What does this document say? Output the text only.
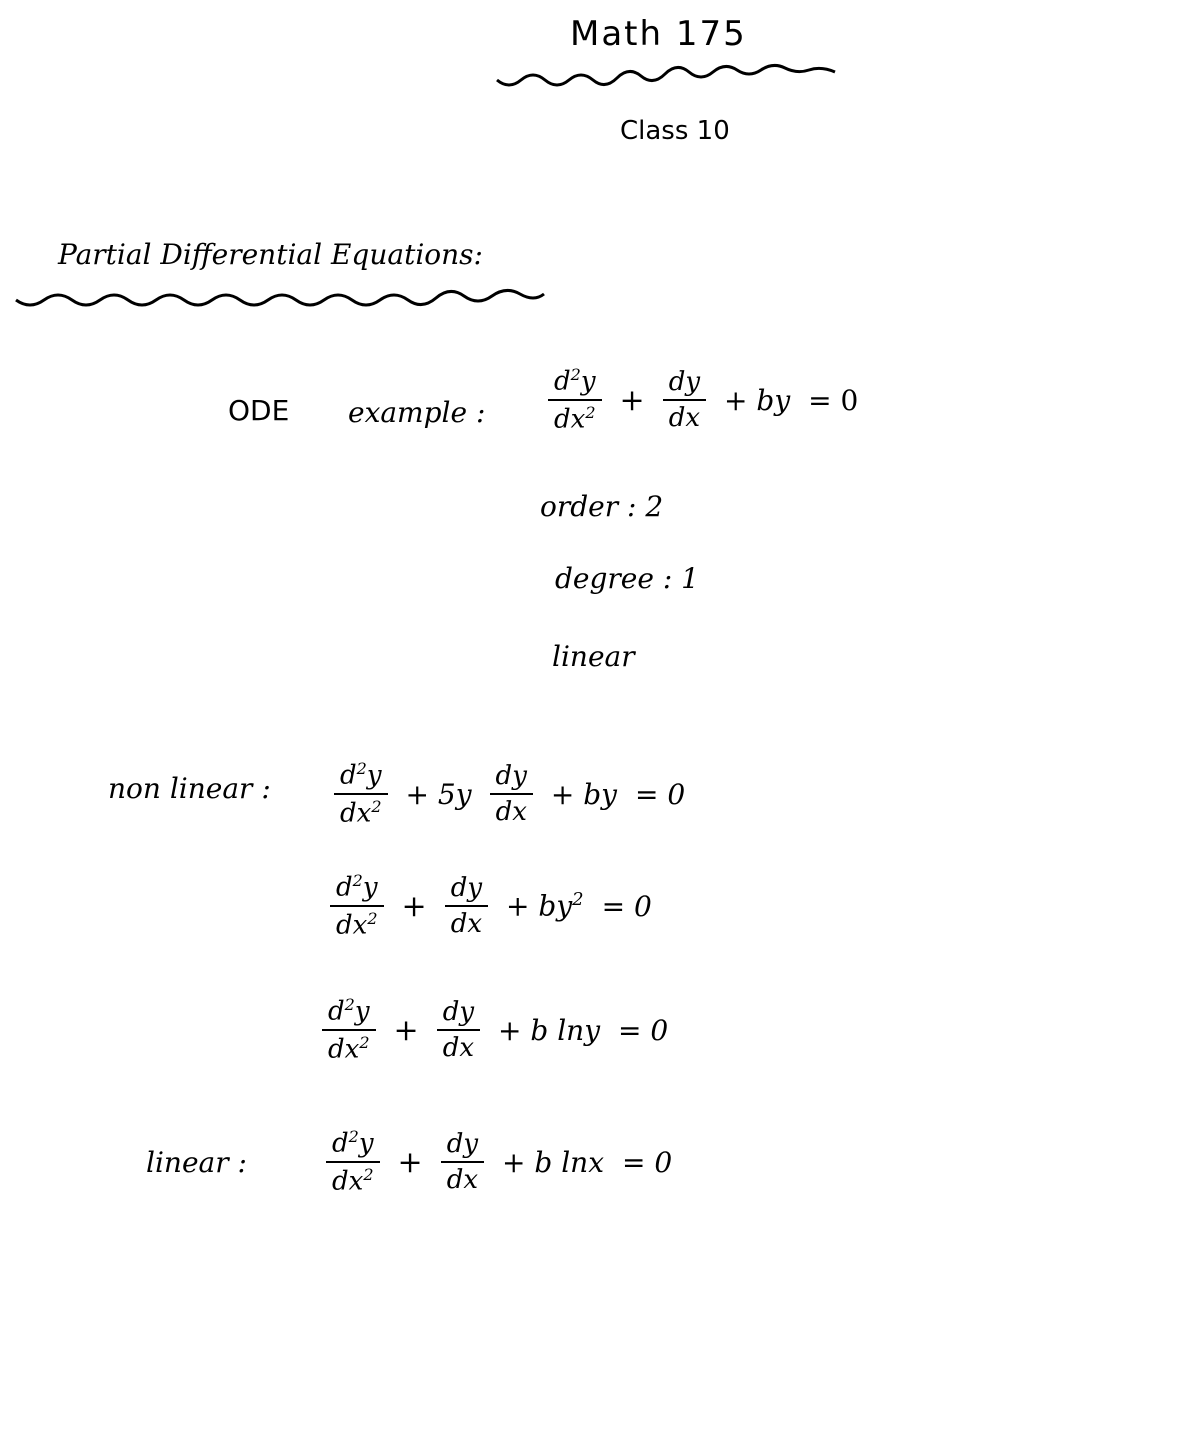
Math 175
Class 10
Partial Differential Equations:
ODE example : $\frac{d^2y}{dx^2} + \frac{dy}{dx}$ + by = 0
order : 2
degree : 1
linear
non linear : $\frac{d^2y}{dx^2} + 5y \frac{dy}{dx}$ + by = 0
$\frac{d^2y}{dx^2} + \frac{dy}{dx} + by^2 = 0$
$\frac{d^2y}{dx^2} + \frac{dy}{dx} + b$ lny = 0
linear :	$\frac{d^2y}{dx^2} + \frac{dy}{dx} + b$ lnx = 0
